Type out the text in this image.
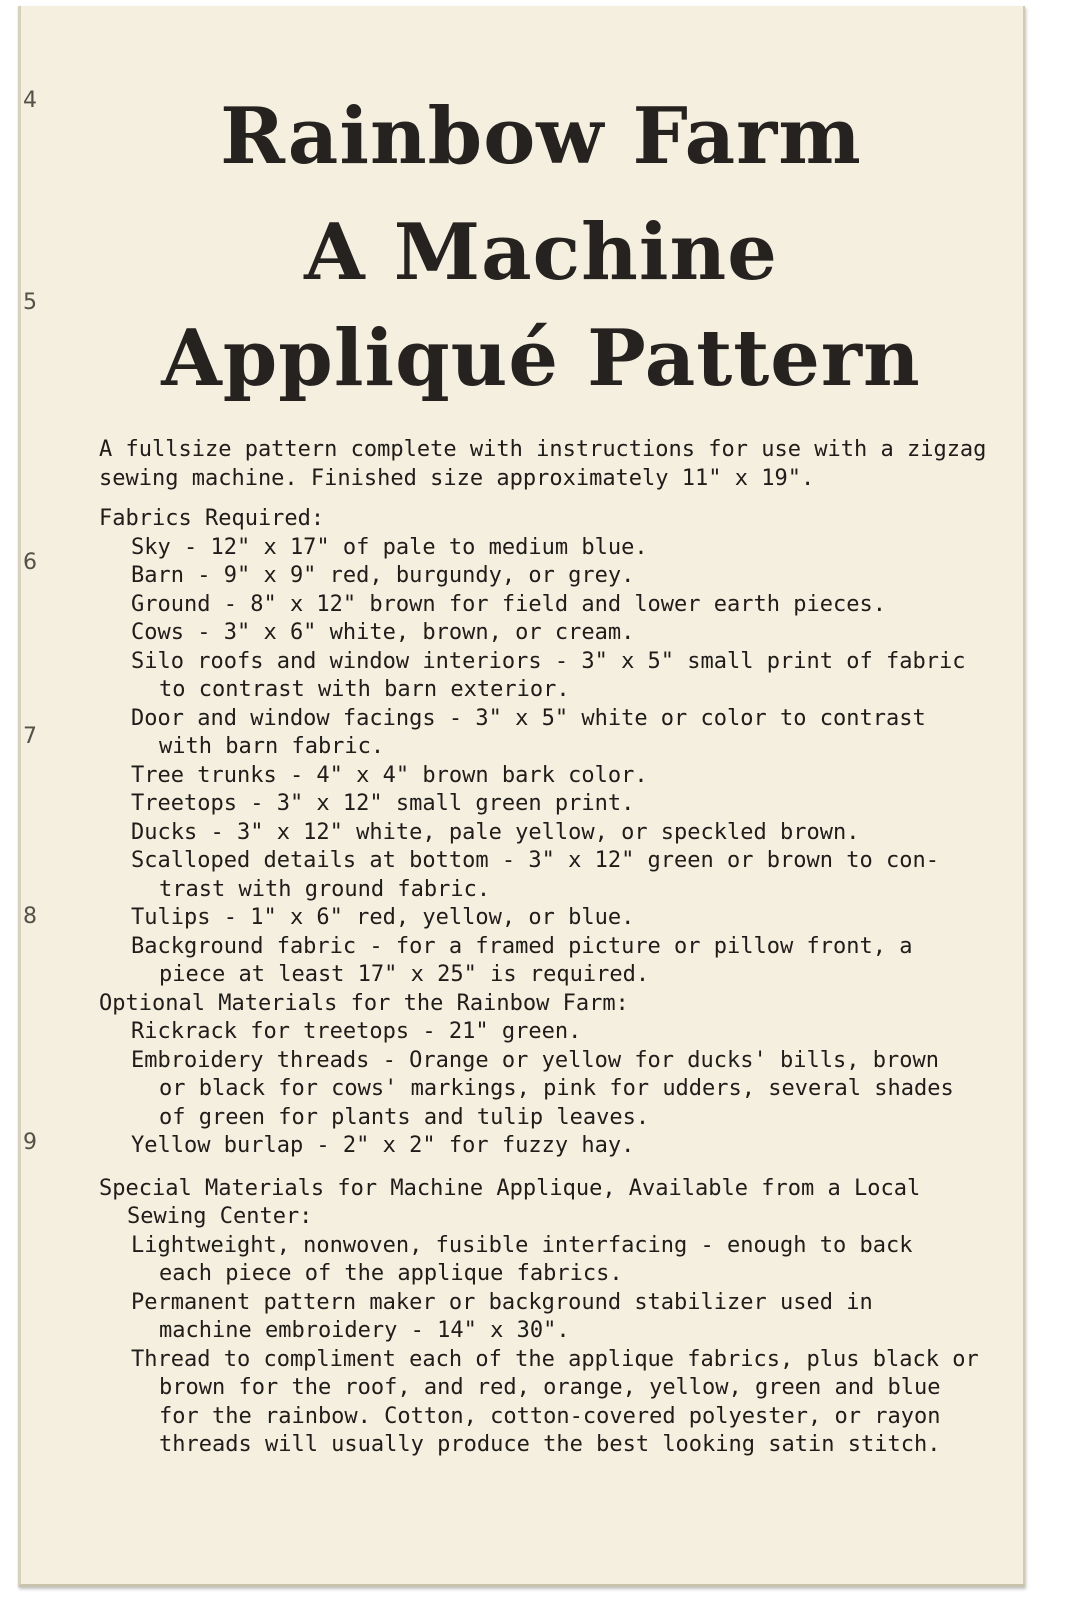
4
5
6
7
8
9
Rainbow Farm
A Machine
Appliqué Pattern

A fullsize pattern complete with instructions for use with a zigzag
sewing machine. Finished size approximately 11" x 19".

Fabrics Required:

Sky - 12" x 17" of pale to medium blue.

Barn - 9" x 9" red, burgundy, or grey.

Ground - 8" x 12" brown for field and lower earth pieces.

Cows - 3" x 6" white, brown, or cream.

Silo roofs and window interiors - 3" x 5" small print of fabric
to contrast with barn exterior.

Door and window facings - 3" x 5" white or color to contrast
with barn fabric.

Tree trunks - 4" x 4" brown bark color.

Treetops - 3" x 12" small green print.

Ducks - 3" x 12" white, pale yellow, or speckled brown.

Scalloped details at bottom - 3" x 12" green or brown to con-
trast with ground fabric.

Tulips - 1" x 6" red, yellow, or blue.

Background fabric - for a framed picture or pillow front, a
piece at least 17" x 25" is required.

Optional Materials for the Rainbow Farm:

Rickrack for treetops - 21" green.

Embroidery threads - Orange or yellow for ducks' bills, brown
or black for cows' markings, pink for udders, several shades
of green for plants and tulip leaves.

Yellow burlap - 2" x 2" for fuzzy hay.

Special Materials for Machine Applique, Available from a Local
Sewing Center:

Lightweight, nonwoven, fusible interfacing - enough to back
each piece of the applique fabrics.

Permanent pattern maker or background stabilizer used in
machine embroidery - 14" x 30".

Thread to compliment each of the applique fabrics, plus black or
brown for the roof, and red, orange, yellow, green and blue
for the rainbow. Cotton, cotton-covered polyester, or rayon
threads will usually produce the best looking satin stitch.
